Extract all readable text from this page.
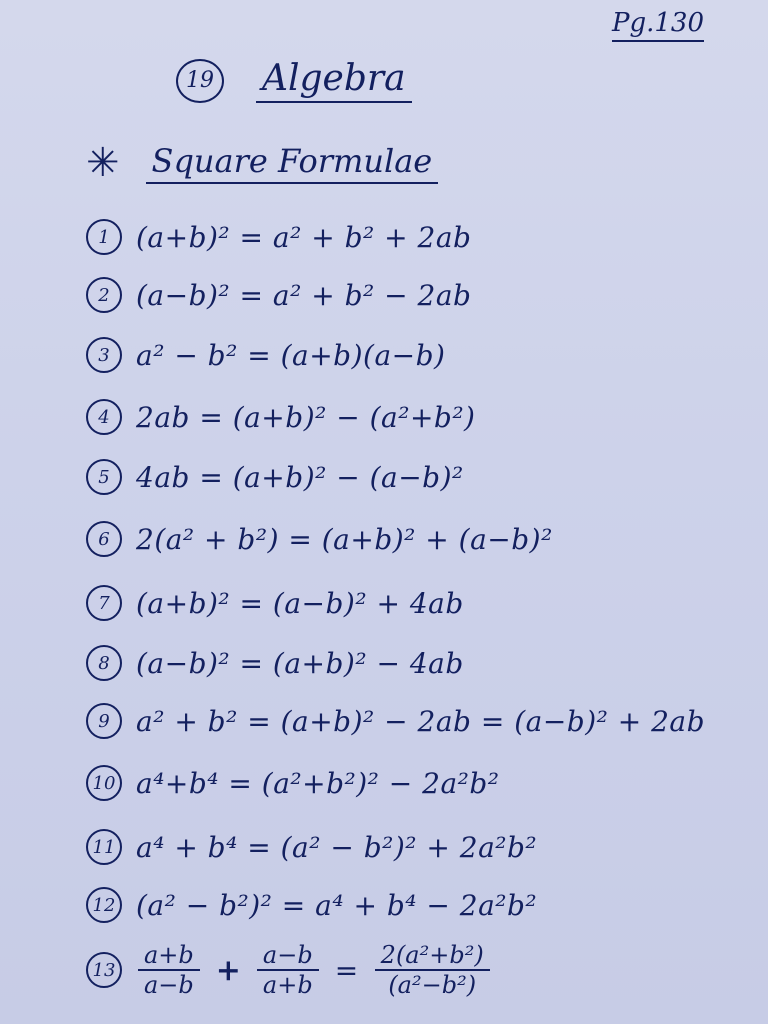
Pg.130
19 Algebra
✳ Square Formulae
1 (a+b)² = a² + b² + 2ab
2 (a−b)² = a² + b² − 2ab
3 a² − b² = (a+b)(a−b)
4 2ab = (a+b)² − (a²+b²)
5 4ab = (a+b)² − (a−b)²
6 2(a² + b²) = (a+b)² + (a−b)²
7 (a+b)² = (a−b)² + 4ab
8 (a−b)² = (a+b)² − 4ab
9 a² + b² = (a+b)² − 2ab = (a−b)² + 2ab
10 a⁴+b⁴ = (a²+b²)² − 2a²b²
11 a⁴ + b⁴ = (a² − b²)² + 2a²b²
12 (a² − b²)² = a⁴ + b⁴ − 2a²b²
$13 \frac{a+b}{a-b} + \frac{a-b}{a+b} = \frac{\text{2(a²+b²)}}{\text{(a²−b²)}}$
